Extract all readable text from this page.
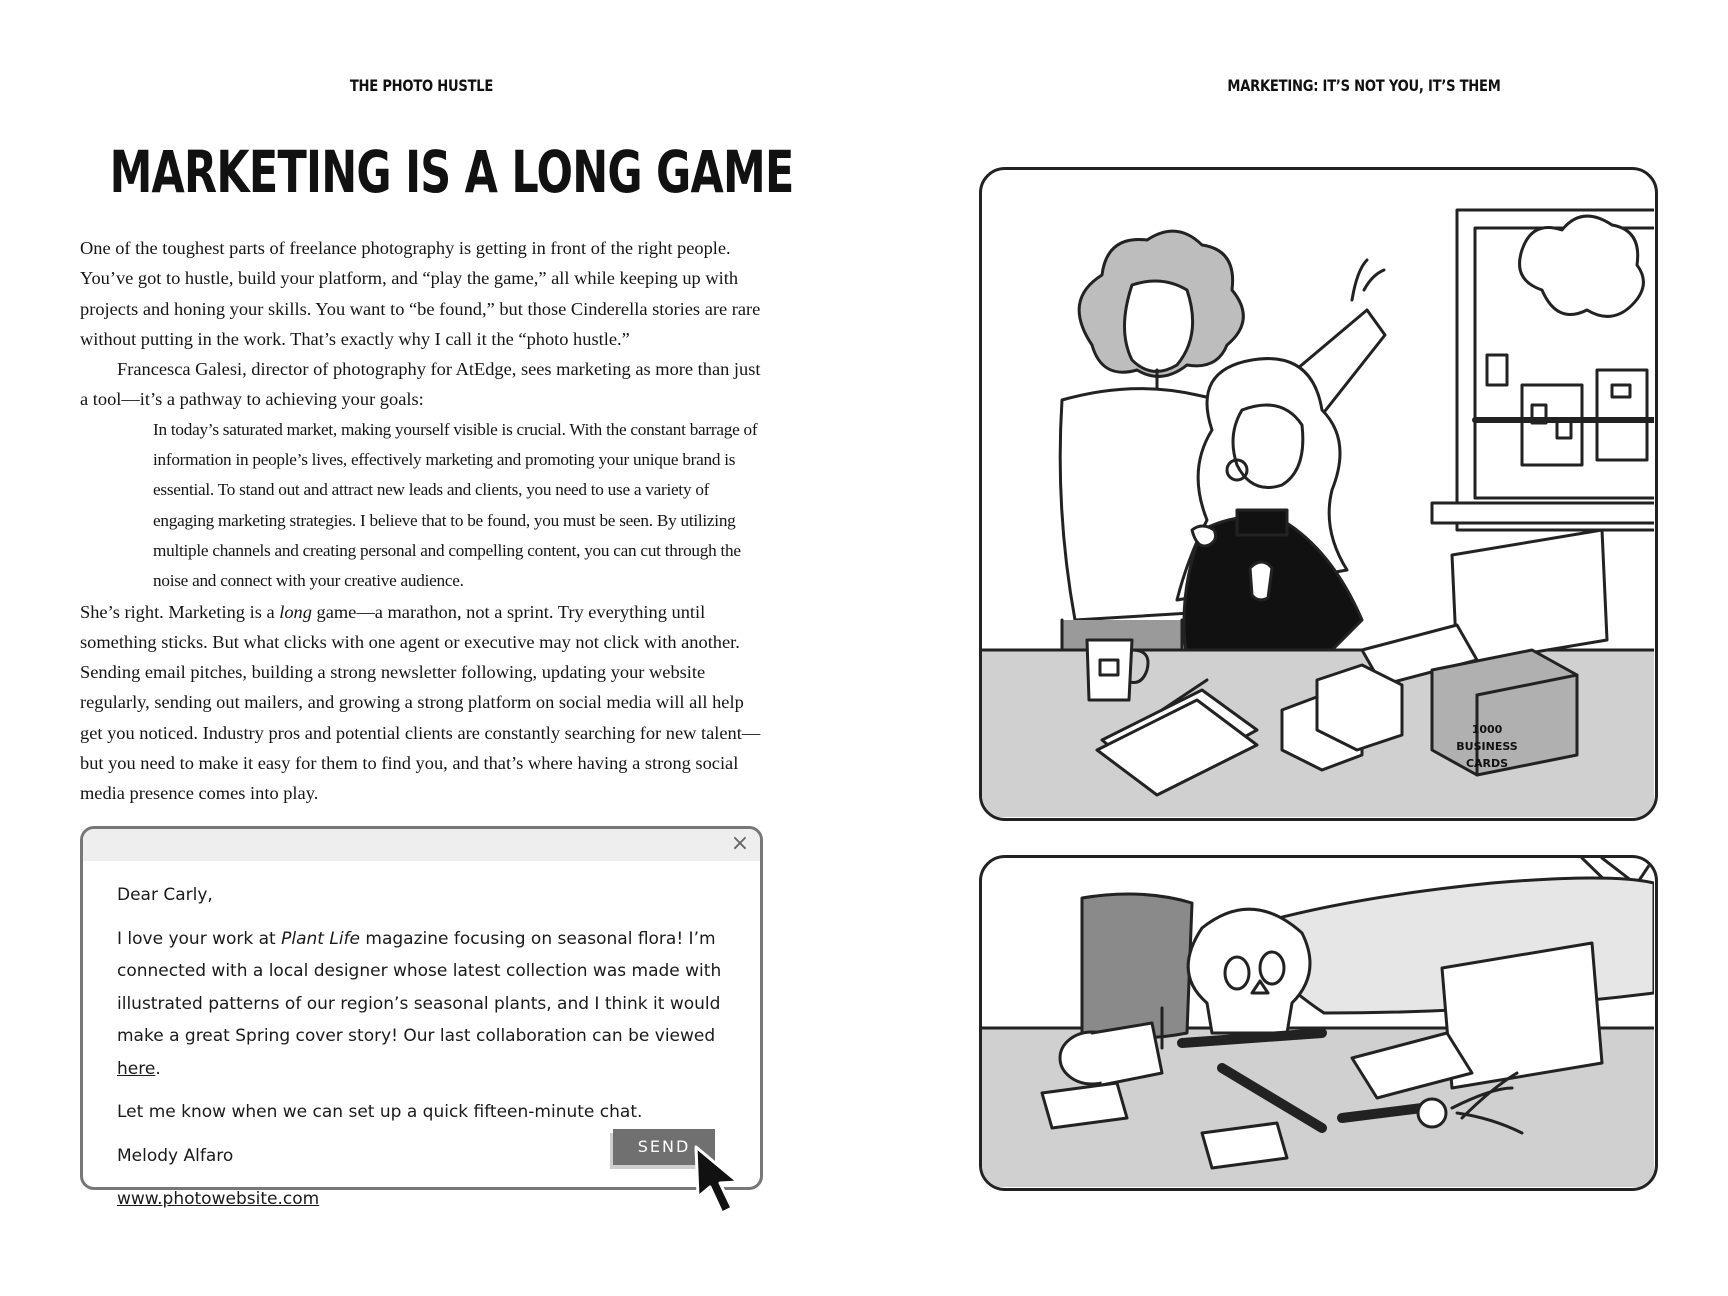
THE PHOTO HUSTLE
MARKETING IS A LONG GAME

One of the toughest parts of freelance photography is getting in front of the right people. You’ve got to hustle, build your platform, and “play the game,” all while keeping up with projects and honing your skills. You want to “be found,” but those Cinderella stories are rare without putting in the work. That’s exactly why I call it the “photo hustle.”

Francesca Galesi, director of photography for AtEdge, sees marketing as more than just a tool—it’s a pathway to achieving your goals:

In today’s saturated market, making yourself visible is crucial. With the constant barrage of information in people’s lives, effectively marketing and promoting your unique brand is essential. To stand out and attract new leads and clients, you need to use a variety of engaging marketing strategies. I believe that to be found, you must be seen. By utilizing multiple channels and creating personal and compelling content, you can cut through the noise and connect with your creative audience.

She’s right. Marketing is a long game—a marathon, not a sprint. Try everything until something sticks. But what clicks with one agent or executive may not click with another. Sending email pitches, building a strong newsletter following, updating your website regularly, sending out mailers, and growing a strong platform on social media will all help get you noticed. Industry pros and potential clients are constantly searching for new talent—but you need to make it easy for them to find you, and that’s where having a strong social media presence comes into play.

×

Dear Carly,

I love your work at Plant Life magazine focusing on seasonal flora! I’m connected with a local designer whose latest collection was made with illustrated patterns of our region’s seasonal plants, and I think it would make a great Spring cover story! Our last collaboration can be viewed here.

Let me know when we can set up a quick fifteen-minute chat.

Melody Alfaro

www.photowebsite.com

SEND
MARKETING: IT’S NOT YOU, IT’S THEM
1000
BUSINESS
CARDS
